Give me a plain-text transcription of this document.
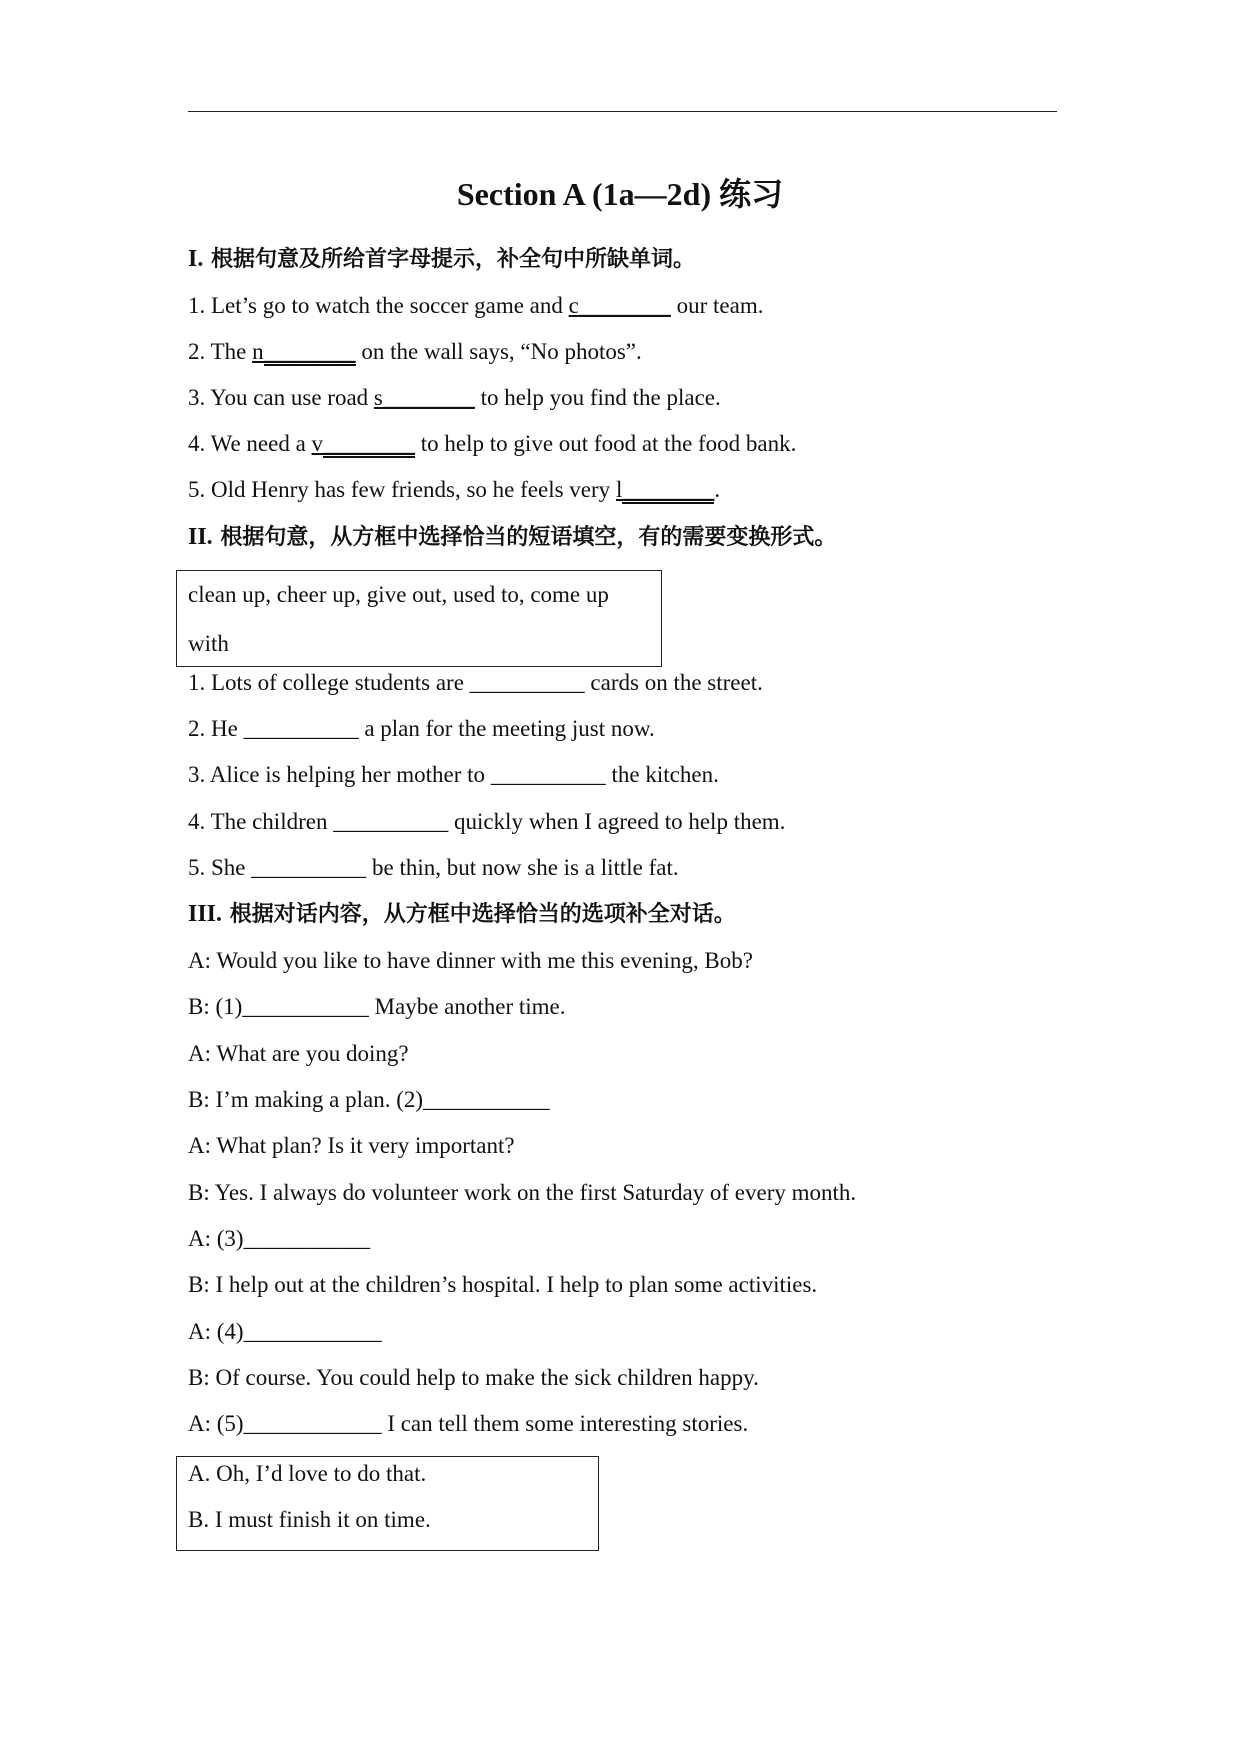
Section A (1a—2d) 练习
I. 根据句意及所给首字母提示，补全句中所缺单词。
1. Let’s go to watch the soccer game and c________ our team.
2. The n________ on the wall says, “No photos”.
3. You can use road s________ to help you find the place.
4. We need a v________ to help to give out food at the food bank.
5. Old Henry has few friends, so he feels very l________.
II. 根据句意，从方框中选择恰当的短语填空，有的需要变换形式。
clean up, cheer up, give out, used to, come up
with
1. Lots of college students are __________ cards on the street.
2. He __________ a plan for the meeting just now.
3. Alice is helping her mother to __________ the kitchen.
4. The children __________ quickly when I agreed to help them.
5. She __________ be thin, but now she is a little fat.
III. 根据对话内容，从方框中选择恰当的选项补全对话。
A: Would you like to have dinner with me this evening, Bob?
B: (1)___________ Maybe another time.
A: What are you doing?
B: I’m making a plan. (2)___________
A: What plan? Is it very important?
B: Yes. I always do volunteer work on the first Saturday of every month.
A: (3)___________
B: I help out at the children’s hospital. I help to plan some activities.
A: (4)____________
B: Of course. You could help to make the sick children happy.
A: (5)____________ I can tell them some interesting stories.
A. Oh, I’d love to do that.
B. I must finish it on time.
